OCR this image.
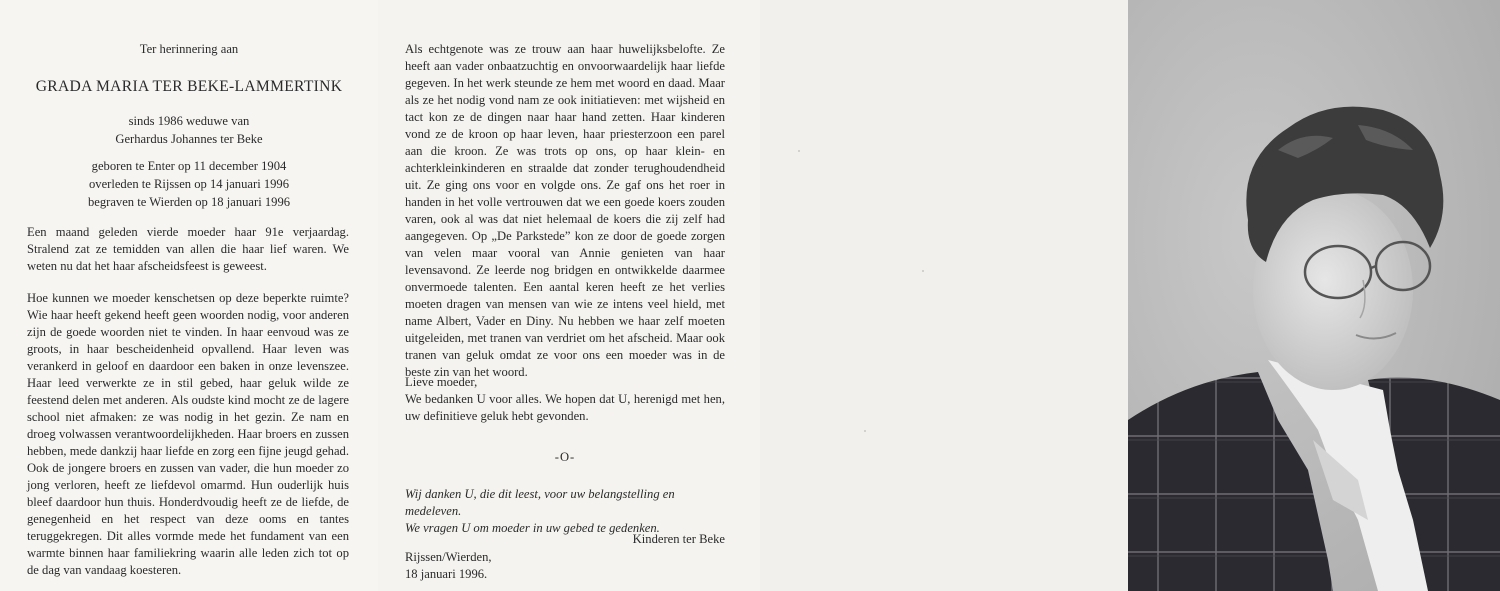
Ter herinnering aan
GRADA MARIA TER BEKE-LAMMERTINK
sinds 1986 weduwe van
Gerhardus Johannes ter Beke
geboren te Enter op 11 december 1904
overleden te Rijssen op 14 januari 1996
begraven te Wierden op 18 januari 1996
Een maand geleden vierde moeder haar 91e verjaardag. Stralend zat ze temidden van allen die haar lief waren. We weten nu dat het haar afscheidsfeest is geweest.
Hoe kunnen we moeder kenschetsen op deze beperkte ruimte? Wie haar heeft gekend heeft geen woorden nodig, voor anderen zijn de goede woorden niet te vinden. In haar eenvoud was ze groots, in haar bescheidenheid opvallend. Haar leven was verankerd in geloof en daardoor een baken in onze levenszee. Haar leed verwerkte ze in stil gebed, haar geluk wilde ze feestend delen met anderen. Als oudste kind mocht ze de lagere school niet afmaken: ze was nodig in het gezin. Ze nam en droeg volwassen verantwoordelijkheden. Haar broers en zussen hebben, mede dankzij haar liefde en zorg een fijne jeugd gehad. Ook de jongere broers en zussen van vader, die hun moeder zo jong verloren, heeft ze liefdevol omarmd. Hun ouderlijk huis bleef daardoor hun thuis. Honderdvoudig heeft ze de liefde, de genegenheid en het respect van deze ooms en tantes teruggekregen. Dit alles vormde mede het fundament van een warmte binnen haar familiekring waarin alle leden zich tot op de dag van vandaag koesteren.
Als echtgenote was ze trouw aan haar huwelijksbelofte. Ze heeft aan vader onbaatzuchtig en onvoorwaardelijk haar liefde gegeven. In het werk steunde ze hem met woord en daad. Maar als ze het nodig vond nam ze ook initiatieven: met wijsheid en tact kon ze de dingen naar haar hand zetten. Haar kinderen vond ze de kroon op haar leven, haar priesterzoon een parel aan die kroon. Ze was trots op ons, op haar klein- en achterkleinkinderen en straalde dat zonder terughoudendheid uit. Ze ging ons voor en volgde ons. Ze gaf ons het roer in handen in het volle vertrouwen dat we een goede koers zouden varen, ook al was dat niet helemaal de koers die zij zelf had aangegeven. Op „De Parkstede” kon ze door de goede zorgen van velen maar vooral van Annie genieten van haar levensavond. Ze leerde nog bridgen en ontwikkelde daarmee onvermoede talenten. Een aantal keren heeft ze het verlies moeten dragen van mensen van wie ze intens veel hield, met name Albert, Vader en Diny. Nu hebben we haar zelf moeten uitgeleiden, met tranen van verdriet om het afscheid. Maar ook tranen van geluk omdat ze voor ons een moeder was in de beste zin van het woord.
Lieve moeder,
We bedanken U voor alles. We hopen dat U, herenigd met hen, uw definitieve geluk hebt gevonden.
-O-
Wij danken U, die dit leest, voor uw belangstelling en medeleven.
We vragen U om moeder in uw gebed te gedenken.
Kinderen ter Beke
Rijssen/Wierden,
18 januari 1996.
